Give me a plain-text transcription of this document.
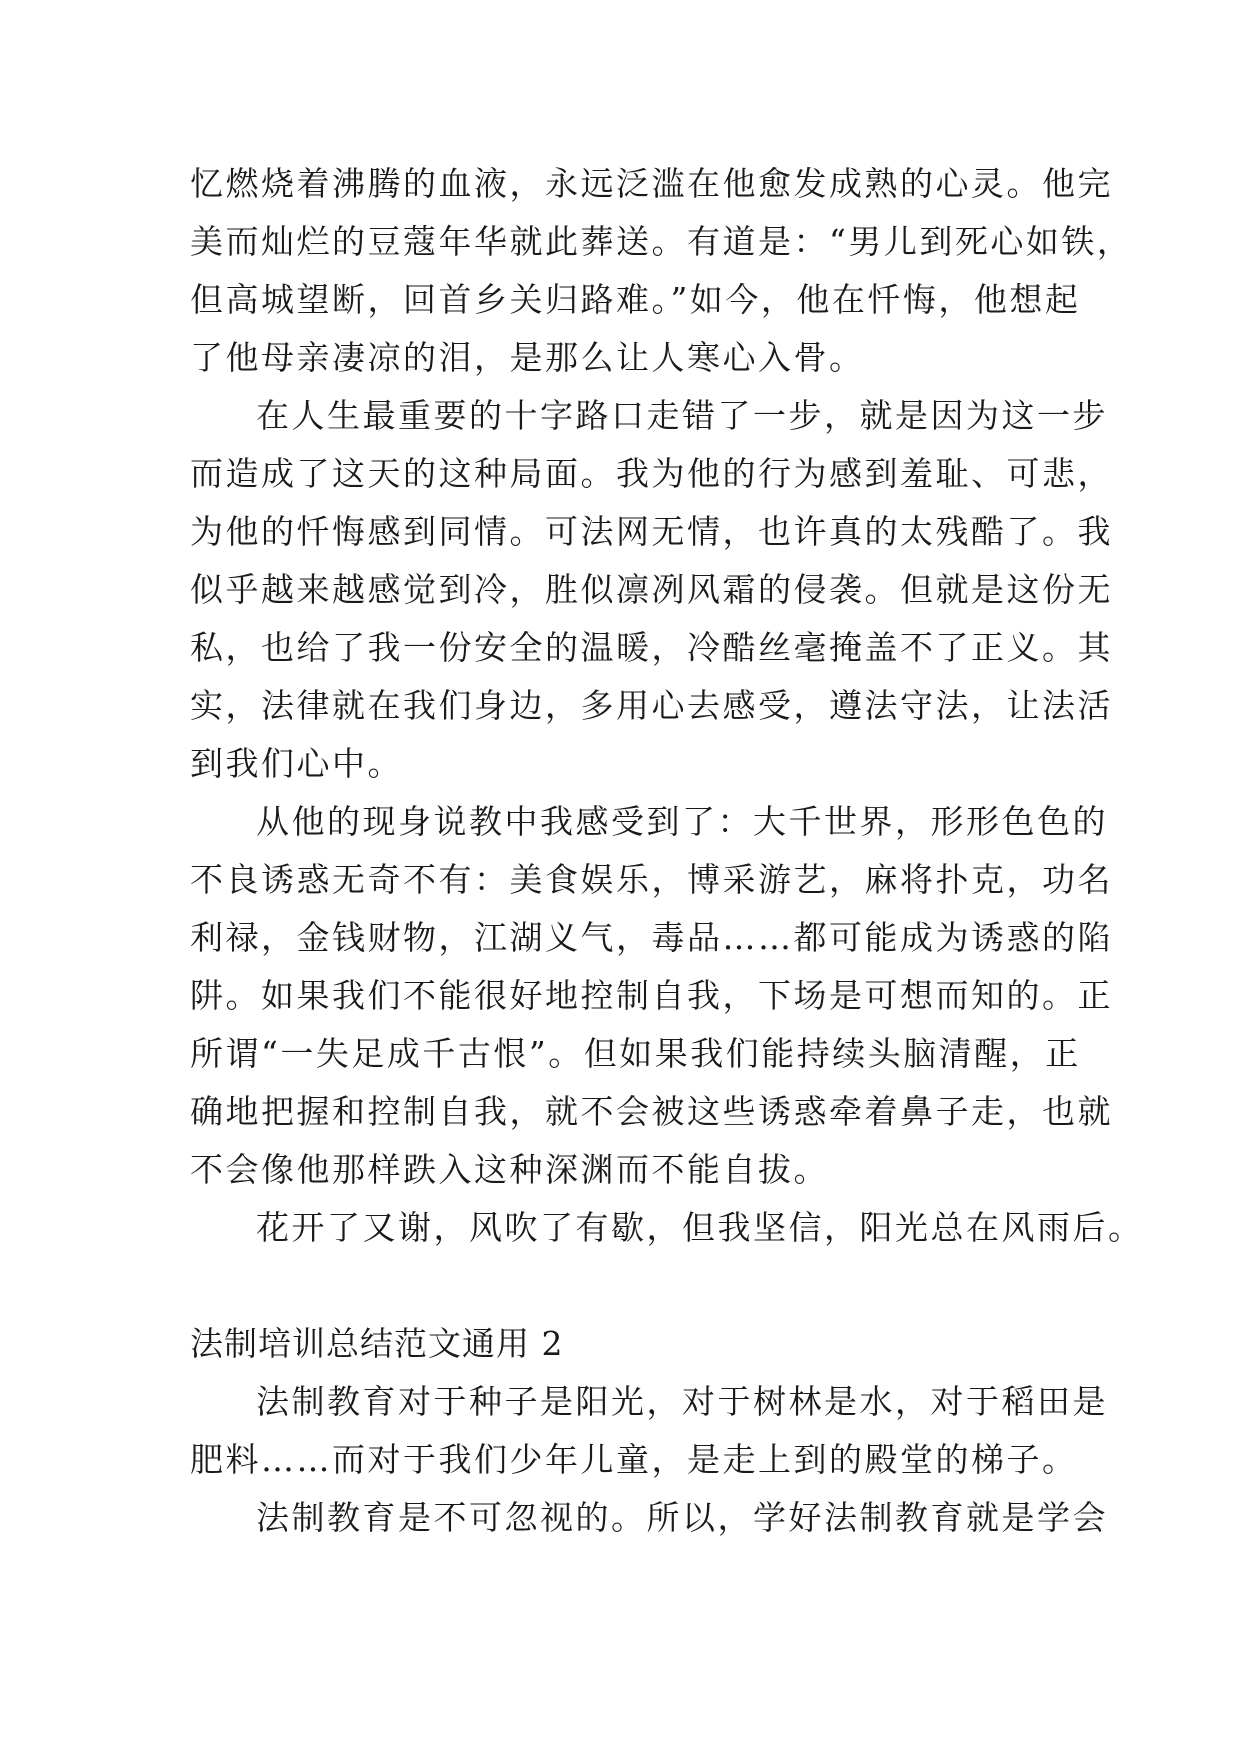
忆燃烧着沸腾的血液，永远泛滥在他愈发成熟的心灵。他完
美而灿烂的豆蔻年华就此葬送。有道是：“男儿到死心如铁，
但高城望断，回首乡关归路难。”如今，他在忏悔，他想起
了他母亲凄凉的泪，是那么让人寒心入骨。
在人生最重要的十字路口走错了一步，就是因为这一步
而造成了这天的这种局面。我为他的行为感到羞耻、可悲，
为他的忏悔感到同情。可法网无情，也许真的太残酷了。我
似乎越来越感觉到冷，胜似凛冽风霜的侵袭。但就是这份无
私，也给了我一份安全的温暖，冷酷丝毫掩盖不了正义。其
实，法律就在我们身边，多用心去感受，遵法守法，让法活
到我们心中。
从他的现身说教中我感受到了：大千世界，形形色色的
不良诱惑无奇不有：美食娱乐，博采游艺，麻将扑克，功名
利禄，金钱财物，江湖义气，毒品……都可能成为诱惑的陷
阱。如果我们不能很好地控制自我，下场是可想而知的。正
所谓“一失足成千古恨”。但如果我们能持续头脑清醒，正
确地把握和控制自我，就不会被这些诱惑牵着鼻子走，也就
不会像他那样跌入这种深渊而不能自拔。
花开了又谢，风吹了有歇，但我坚信，阳光总在风雨后。
法制培训总结范文通用 2
法制教育对于种子是阳光，对于树林是水，对于稻田是
肥料……而对于我们少年儿童，是走上到的殿堂的梯子。
法制教育是不可忽视的。所以，学好法制教育就是学会
